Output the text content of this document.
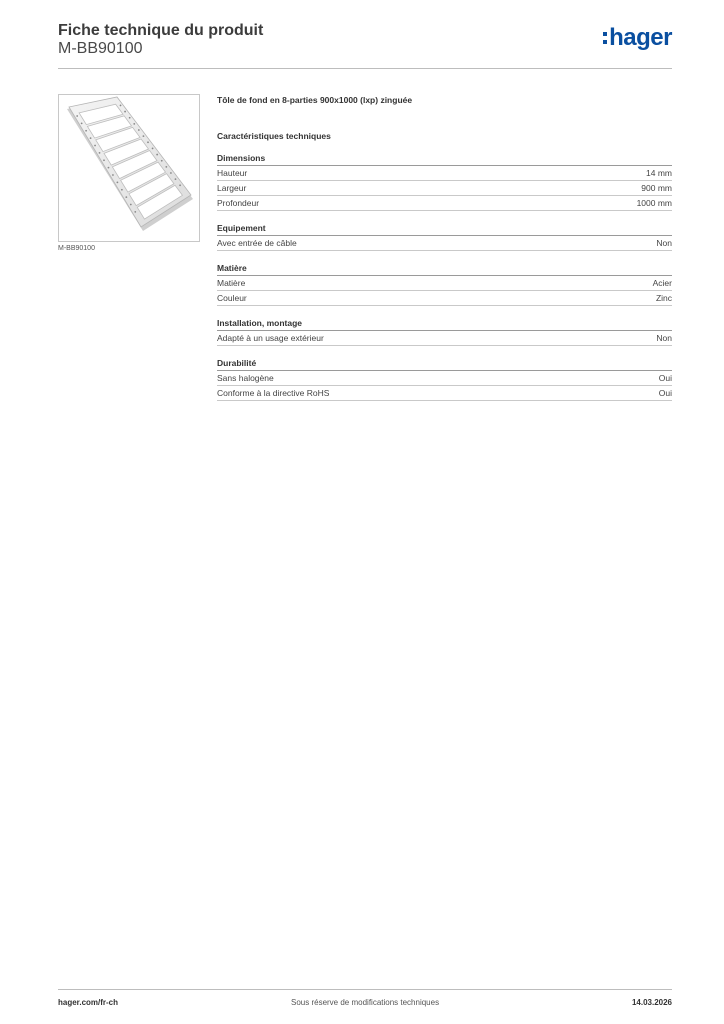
Fiche technique du produit
M-BB90100	hager
M-BB90100
Tôle de fond en 8-parties 900x1000 (lxp) zinguée
Caractéristiques techniques
Dimensions
Hauteur	14 mm
Largeur	900 mm
Profondeur	1000 mm
Equipement
Avec entrée de câble	Non
Matière
Matière	Acier
Couleur	Zinc
Installation, montage
Adapté à un usage extérieur	Non
Durabilité
Sans halogène	Oui
Conforme à la directive RoHS	Oui
hager.com/fr-ch	Sous réserve de modifications techniques	14.03.2026
